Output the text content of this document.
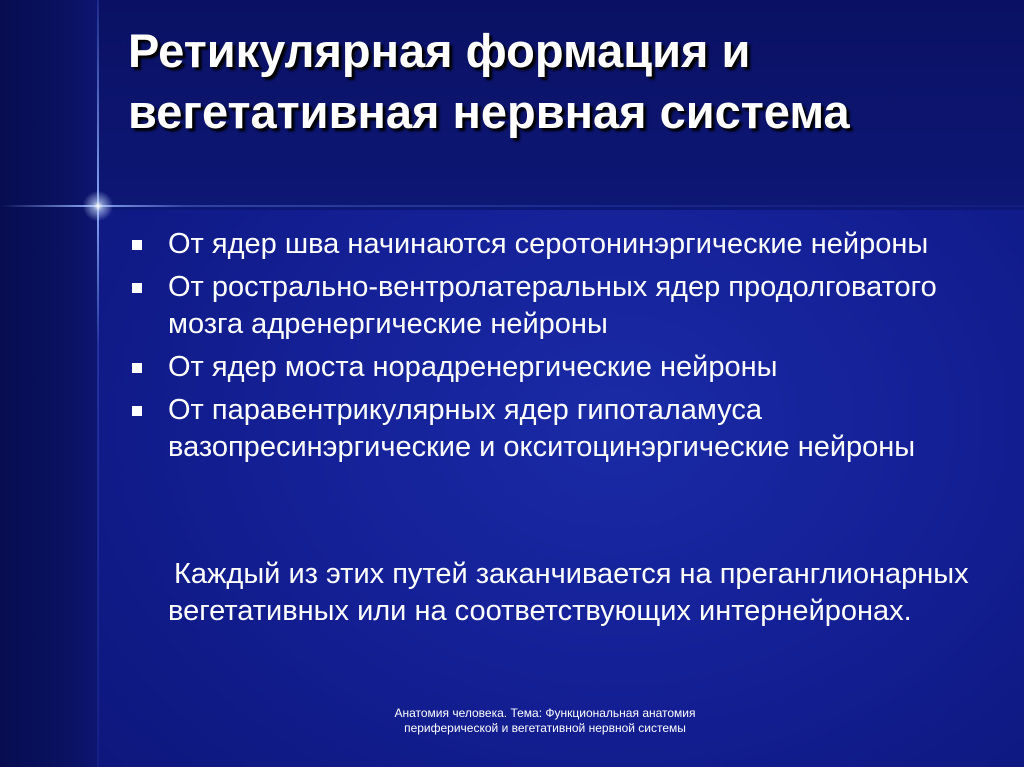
Ретикулярная формация и вегетативная нервная система
От ядер шва начинаются серотонинэргические нейроны
От рострально-вентролатеральных ядер продолговатого мозга адренергические нейроны
От ядер моста норадренергические нейроны
От паравентрикулярных ядер гипоталамуса вазопресинэргические и окситоцинэргические нейроны

Каждый из этих путей заканчивается на преганглионарных вегетативных или на соответствующих интернейронах.

Анатомия человека. Тема: Функциональная анатомия периферической и вегетативной нервной системы
